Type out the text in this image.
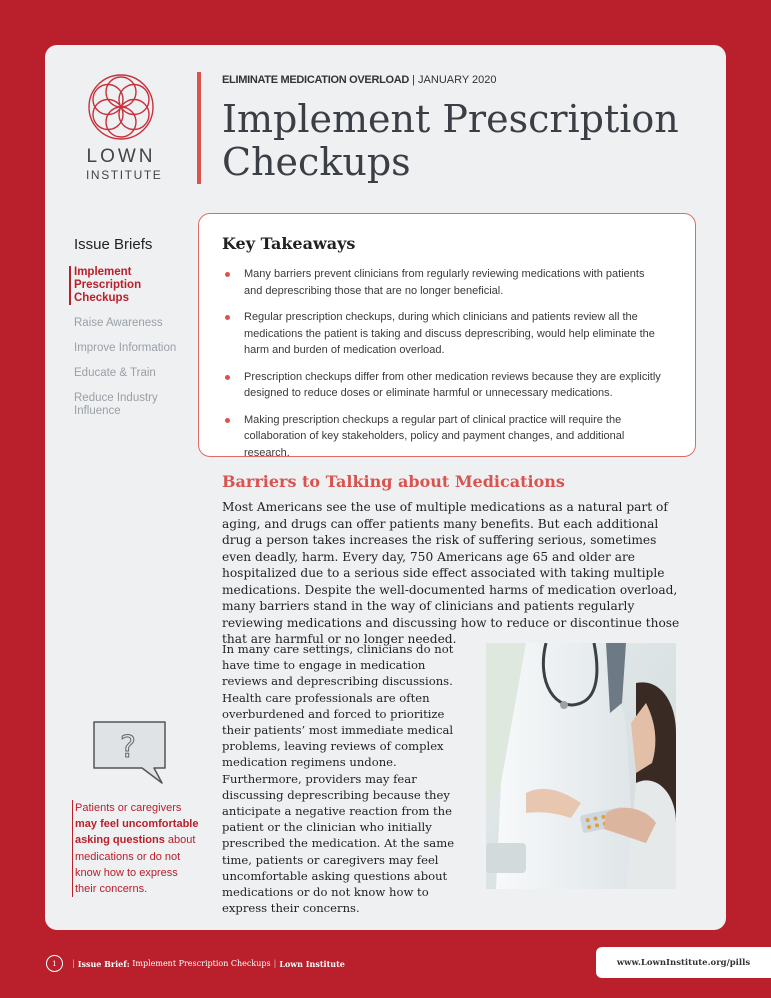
LOWN
INSTITUTE
ELIMINATE MEDICATION OVERLOAD | JANUARY 2020
Implement Prescription Checkups
Issue Briefs
Implement Prescription Checkups
Raise Awareness
Improve Information
Educate & Train
Reduce Industry Influence
Key Takeaways
Many barriers prevent clinicians from regularly reviewing medications with patients and deprescribing those that are no longer beneficial.
Regular prescription checkups, during which clinicians and patients review all the medications the patient is taking and discuss deprescribing, would help eliminate the harm and burden of medication overload.
Prescription checkups differ from other medication reviews because they are explicitly designed to reduce doses or eliminate harmful or unnecessary medications.
Making prescription checkups a regular part of clinical practice will require the collaboration of key stakeholders, policy and payment changes, and additional research.
Barriers to Talking about Medications

Most Americans see the use of multiple medications as a natural part of aging, and drugs can offer patients many benefits. But each additional drug a person takes increases the risk of suffering serious, sometimes even deadly, harm. Every day, 750 Americans age 65 and older are hospitalized due to a serious side effect associated with taking multiple medications. Despite the well-documented harms of medication overload, many barriers stand in the way of clinicians and patients regularly reviewing medications and discussing how to reduce or discontinue those that are harmful or no longer needed.

In many care settings, clinicians do not have time to engage in medication reviews and deprescribing discussions. Health care professionals are often overburdened and forced to prioritize their patients’ most immediate medical problems, leaving reviews of complex medication regimens undone. Furthermore, providers may fear discussing deprescribing because they anticipate a negative reaction from the patient or the clinician who initially prescribed the medication. At the same time, patients or caregivers may feel uncomfortable asking questions about medications or do not know how to express their concerns.

?
Patients or caregivers may feel uncomfortable asking questions about medications or do not know how to express their concerns.
1	| Issue Brief:
Implement Prescription Checkups | Lown Institute	www.LownInstitute.org/pills
